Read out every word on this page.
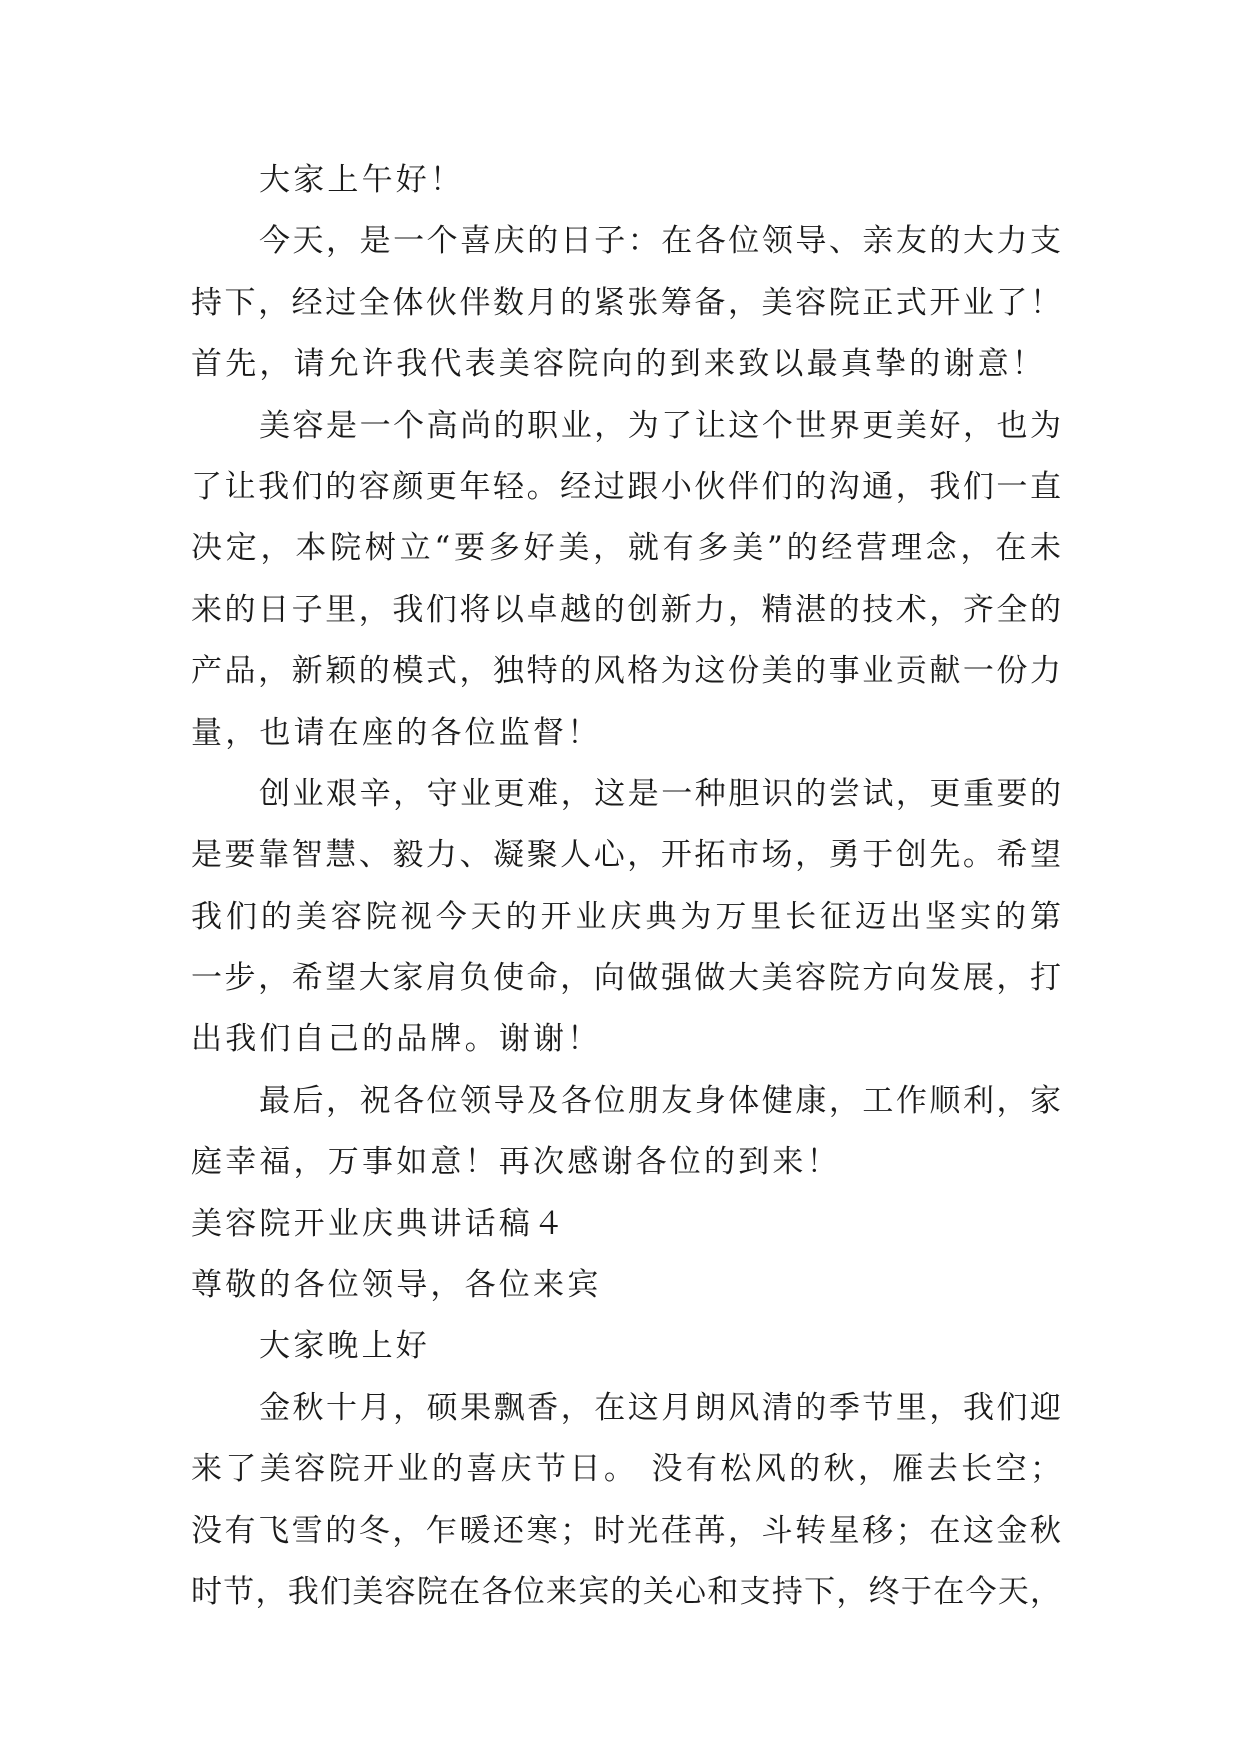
大家上午好！
今天，是一个喜庆的日子：在各位领导、亲友的大力支
持下，经过全体伙伴数月的紧张筹备，美容院正式开业了！
首先，请允许我代表美容院向的到来致以最真挚的谢意！
美容是一个高尚的职业，为了让这个世界更美好，也为
了让我们的容颜更年轻。经过跟小伙伴们的沟通，我们一直
决定，本院树立“要多好美，就有多美”的经营理念，在未
来的日子里，我们将以卓越的创新力，精湛的技术，齐全的
产品，新颖的模式，独特的风格为这份美的事业贡献一份力
量，也请在座的各位监督！
创业艰辛，守业更难，这是一种胆识的尝试，更重要的
是要靠智慧、毅力、凝聚人心，开拓市场，勇于创先。希望
我们的美容院视今天的开业庆典为万里长征迈出坚实的第
一步，希望大家肩负使命，向做强做大美容院方向发展，打
出我们自己的品牌。谢谢！
最后，祝各位领导及各位朋友身体健康，工作顺利，家
庭幸福，万事如意！再次感谢各位的到来！
美容院开业庆典讲话稿４
尊敬的各位领导，各位来宾
大家晚上好
金秋十月，硕果飘香，在这月朗风清的季节里，我们迎
来了美容院开业的喜庆节日。 没有松风的秋，雁去长空；
没有飞雪的冬，乍暖还寒；时光荏苒，斗转星移；在这金秋
时节，我们美容院在各位来宾的关心和支持下，终于在今天，
